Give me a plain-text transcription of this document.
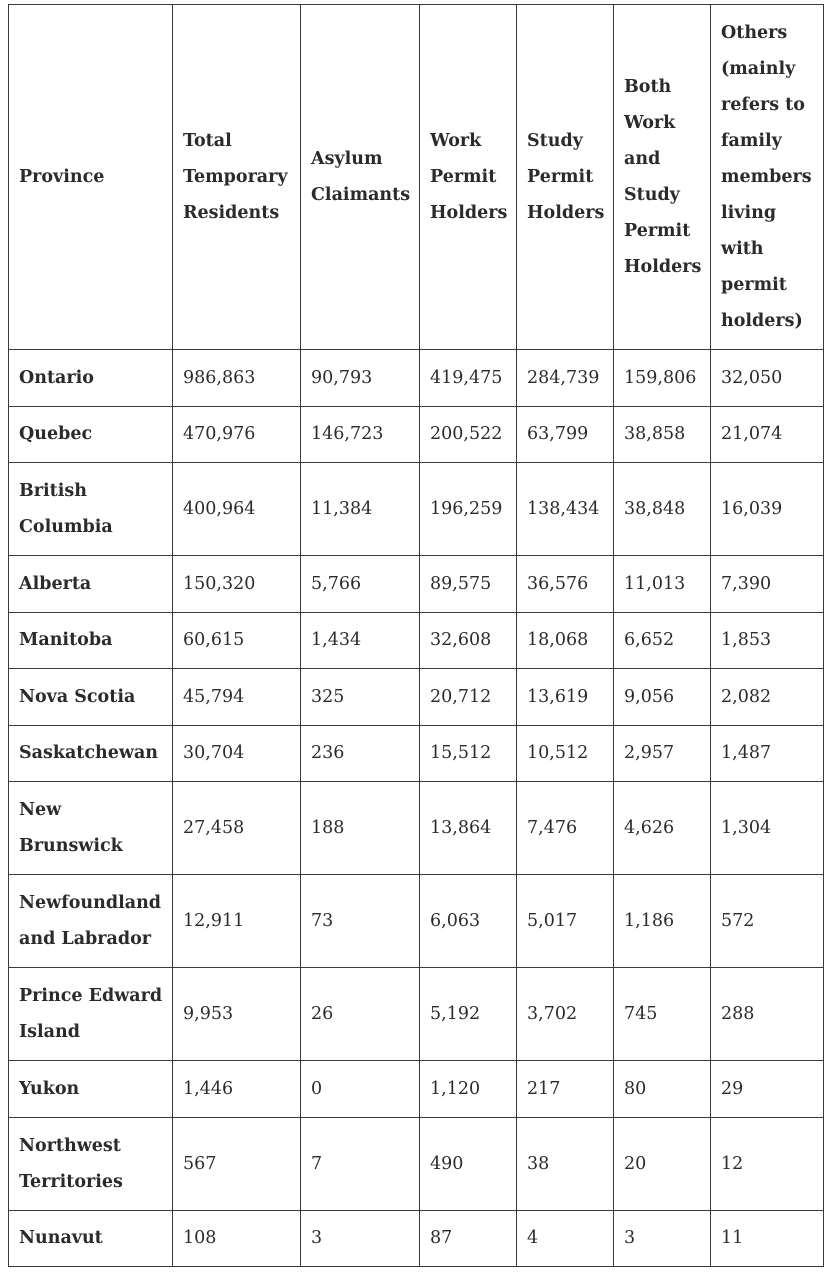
Province	Total Temporary Residents	Asylum Claimants	Work Permit Holders	Study Permit Holders	Both Work and Study Permit Holders	Others (mainly refers to family members living with permit holders)
Ontario	986,863	90,793	419,475	284,739	159,806	32,050
Quebec	470,976	146,723	200,522	63,799	38,858	21,074
British Columbia	400,964	11,384	196,259	138,434	38,848	16,039
Alberta	150,320	5,766	89,575	36,576	11,013	7,390
Manitoba	60,615	1,434	32,608	18,068	6,652	1,853
Nova Scotia	45,794	325	20,712	13,619	9,056	2,082
Saskatchewan	30,704	236	15,512	10,512	2,957	1,487
New Brunswick	27,458	188	13,864	7,476	4,626	1,304
Newfoundland and Labrador	12,911	73	6,063	5,017	1,186	572
Prince Edward Island	9,953	26	5,192	3,702	745	288
Yukon	1,446	0	1,120	217	80	29
Northwest Territories	567	7	490	38	20	12
Nunavut	108	3	87	4	3	11
